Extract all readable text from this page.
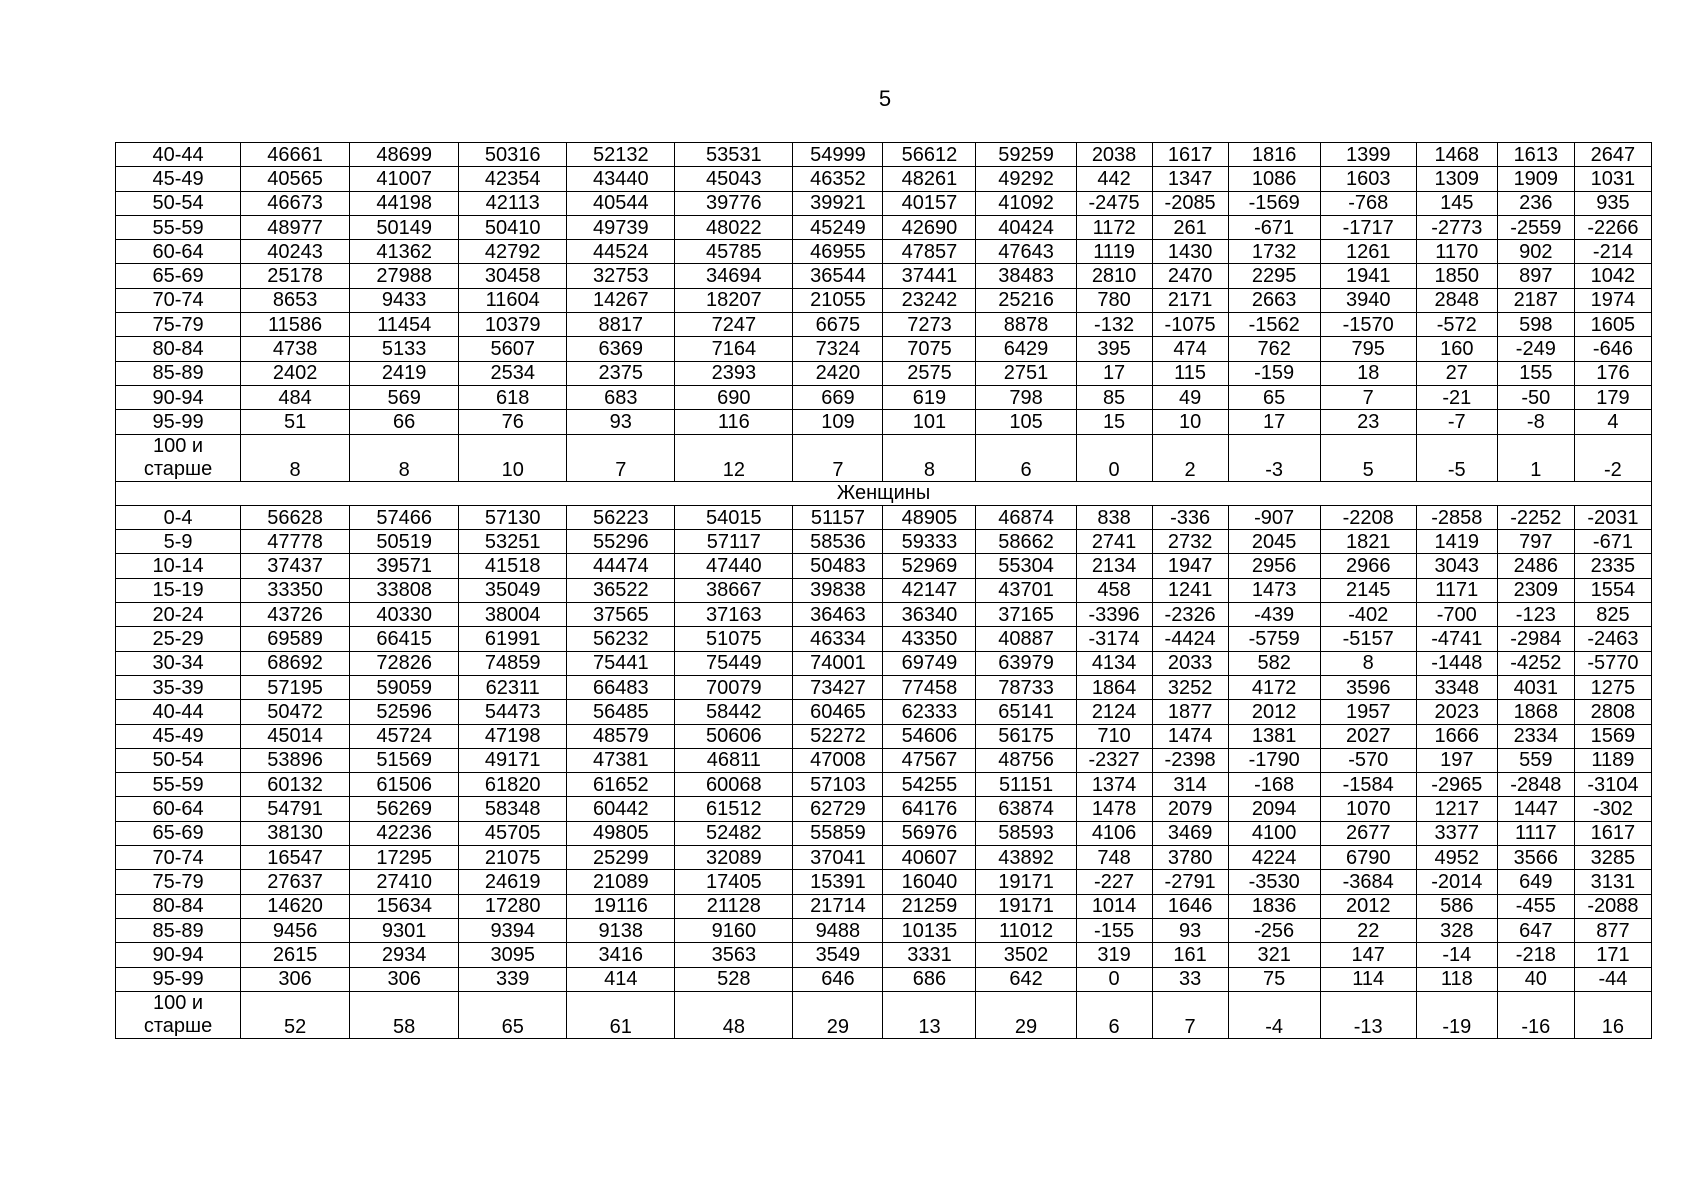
5
40-44	46661	48699	50316	52132	53531	54999	56612	59259	2038	1617	1816	1399	1468	1613	2647
45-49	40565	41007	42354	43440	45043	46352	48261	49292	442	1347	1086	1603	1309	1909	1031
50-54	46673	44198	42113	40544	39776	39921	40157	41092	-2475	-2085	-1569	-768	145	236	935
55-59	48977	50149	50410	49739	48022	45249	42690	40424	1172	261	-671	-1717	-2773	-2559	-2266
60-64	40243	41362	42792	44524	45785	46955	47857	47643	1119	1430	1732	1261	1170	902	-214
65-69	25178	27988	30458	32753	34694	36544	37441	38483	2810	2470	2295	1941	1850	897	1042
70-74	8653	9433	11604	14267	18207	21055	23242	25216	780	2171	2663	3940	2848	2187	1974
75-79	11586	11454	10379	8817	7247	6675	7273	8878	-132	-1075	-1562	-1570	-572	598	1605
80-84	4738	5133	5607	6369	7164	7324	7075	6429	395	474	762	795	160	-249	-646
85-89	2402	2419	2534	2375	2393	2420	2575	2751	17	115	-159	18	27	155	176
90-94	484	569	618	683	690	669	619	798	85	49	65	7	-21	-50	179
95-99	51	66	76	93	116	109	101	105	15	10	17	23	-7	-8	4
100 и старше	8	8	10	7	12	7	8	6	0	2	-3	5	-5	1	-2
Женщины															
0-4	56628	57466	57130	56223	54015	51157	48905	46874	838	-336	-907	-2208	-2858	-2252	-2031
5-9	47778	50519	53251	55296	57117	58536	59333	58662	2741	2732	2045	1821	1419	797	-671
10-14	37437	39571	41518	44474	47440	50483	52969	55304	2134	1947	2956	2966	3043	2486	2335
15-19	33350	33808	35049	36522	38667	39838	42147	43701	458	1241	1473	2145	1171	2309	1554
20-24	43726	40330	38004	37565	37163	36463	36340	37165	-3396	-2326	-439	-402	-700	-123	825
25-29	69589	66415	61991	56232	51075	46334	43350	40887	-3174	-4424	-5759	-5157	-4741	-2984	-2463
30-34	68692	72826	74859	75441	75449	74001	69749	63979	4134	2033	582	8	-1448	-4252	-5770
35-39	57195	59059	62311	66483	70079	73427	77458	78733	1864	3252	4172	3596	3348	4031	1275
40-44	50472	52596	54473	56485	58442	60465	62333	65141	2124	1877	2012	1957	2023	1868	2808
45-49	45014	45724	47198	48579	50606	52272	54606	56175	710	1474	1381	2027	1666	2334	1569
50-54	53896	51569	49171	47381	46811	47008	47567	48756	-2327	-2398	-1790	-570	197	559	1189
55-59	60132	61506	61820	61652	60068	57103	54255	51151	1374	314	-168	-1584	-2965	-2848	-3104
60-64	54791	56269	58348	60442	61512	62729	64176	63874	1478	2079	2094	1070	1217	1447	-302
65-69	38130	42236	45705	49805	52482	55859	56976	58593	4106	3469	4100	2677	3377	1117	1617
70-74	16547	17295	21075	25299	32089	37041	40607	43892	748	3780	4224	6790	4952	3566	3285
75-79	27637	27410	24619	21089	17405	15391	16040	19171	-227	-2791	-3530	-3684	-2014	649	3131
80-84	14620	15634	17280	19116	21128	21714	21259	19171	1014	1646	1836	2012	586	-455	-2088
85-89	9456	9301	9394	9138	9160	9488	10135	11012	-155	93	-256	22	328	647	877
90-94	2615	2934	3095	3416	3563	3549	3331	3502	319	161	321	147	-14	-218	171
95-99	306	306	339	414	528	646	686	642	0	33	75	114	118	40	-44
100 и старше	52	58	65	61	48	29	13	29	6	7	-4	-13	-19	-16	16
